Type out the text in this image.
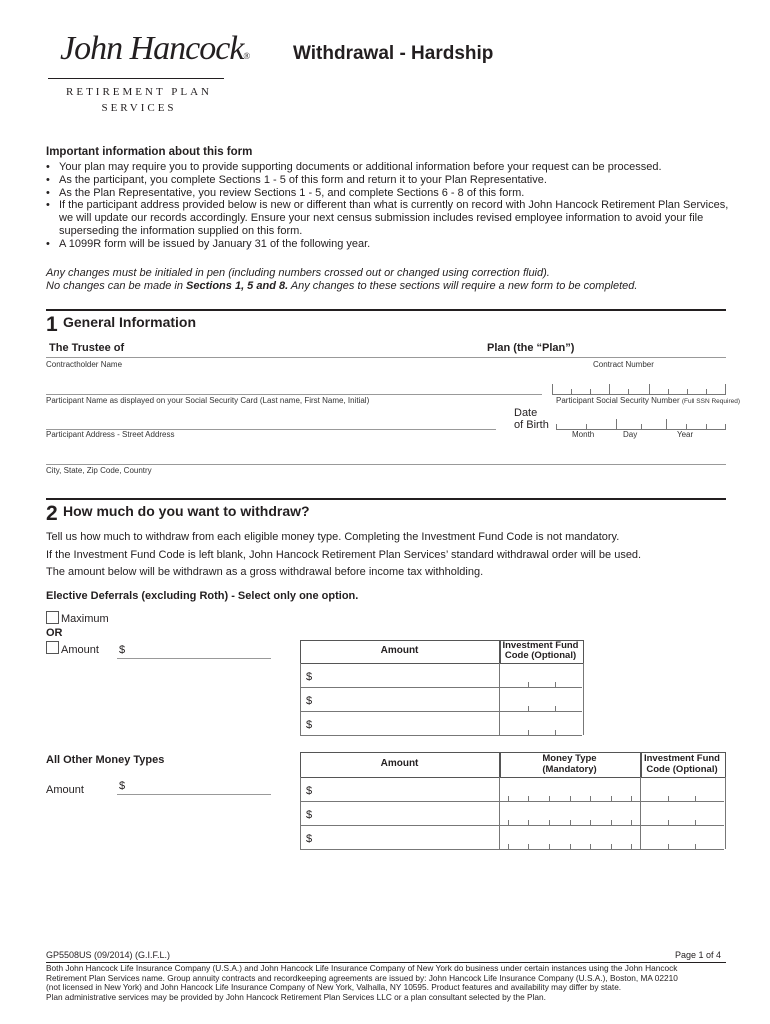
John Hancock®
RETIREMENT PLAN
SERVICES
Withdrawal - Hardship
Important information about this form
• Your plan may require you to provide supporting documents or additional information before your request can be processed.
• As the participant, you complete Sections 1 - 5 of this form and return it to your Plan Representative.
• As the Plan Representative, you review Sections 1 - 5, and complete Sections 6 - 8 of this form.
• If the participant address provided below is new or different than what is currently on record with John Hancock Retirement Plan Services, we will update our records accordingly. Ensure your next census submission includes revised employee information to avoid your file superseding the information supplied on this form.
• A 1099R form will be issued by January 31 of the following year.
Any changes must be initialed in pen (including numbers crossed out or changed using correction fluid).
No changes can be made in Sections 1, 5 and 8. Any changes to these sections will require a new form to be completed.
1 General Information
The Trustee of	Plan (the “Plan”)
Contractholder Name	Contract Number
Participant Name as displayed on your Social Security Card (Last name, First Name, Initial)	Participant Social Security Number (Full SSN Required)
Date
of Birth
Participant Address - Street Address	Month	Day	Year
City, State, Zip Code, Country
2 How much do you want to withdraw?
Tell us how much to withdraw from each eligible money type. Completing the Investment Fund Code is not mandatory.
If the Investment Fund Code is left blank, John Hancock Retirement Plan Services’ standard withdrawal order will be used.
The amount below will be withdrawn as a gross withdrawal before income tax withholding.
Elective Deferrals (excluding Roth) - Select only one option.
Maximum
OR
Amount $	Amount	Investment Fund
Code (Optional)
$
$
$
All Other Money Types
Amount	$
Amount	Money Type
(Mandatory)
Investment Fund
Code (Optional)
$
$
$
GP5508US (09/2014) (G.I.F.L.)	Page 1 of 4
Both John Hancock Life Insurance Company (U.S.A.) and John Hancock Life Insurance Company of New York do business under certain instances using the John Hancock
Retirement Plan Services name. Group annuity contracts and recordkeeping agreements are issued by: John Hancock Life Insurance Company (U.S.A.), Boston, MA 02210
(not licensed in New York) and John Hancock Life Insurance Company of New York, Valhalla, NY 10595. Product features and availability may differ by state.
Plan administrative services may be provided by John Hancock Retirement Plan Services LLC or a plan consultant selected by the Plan.
